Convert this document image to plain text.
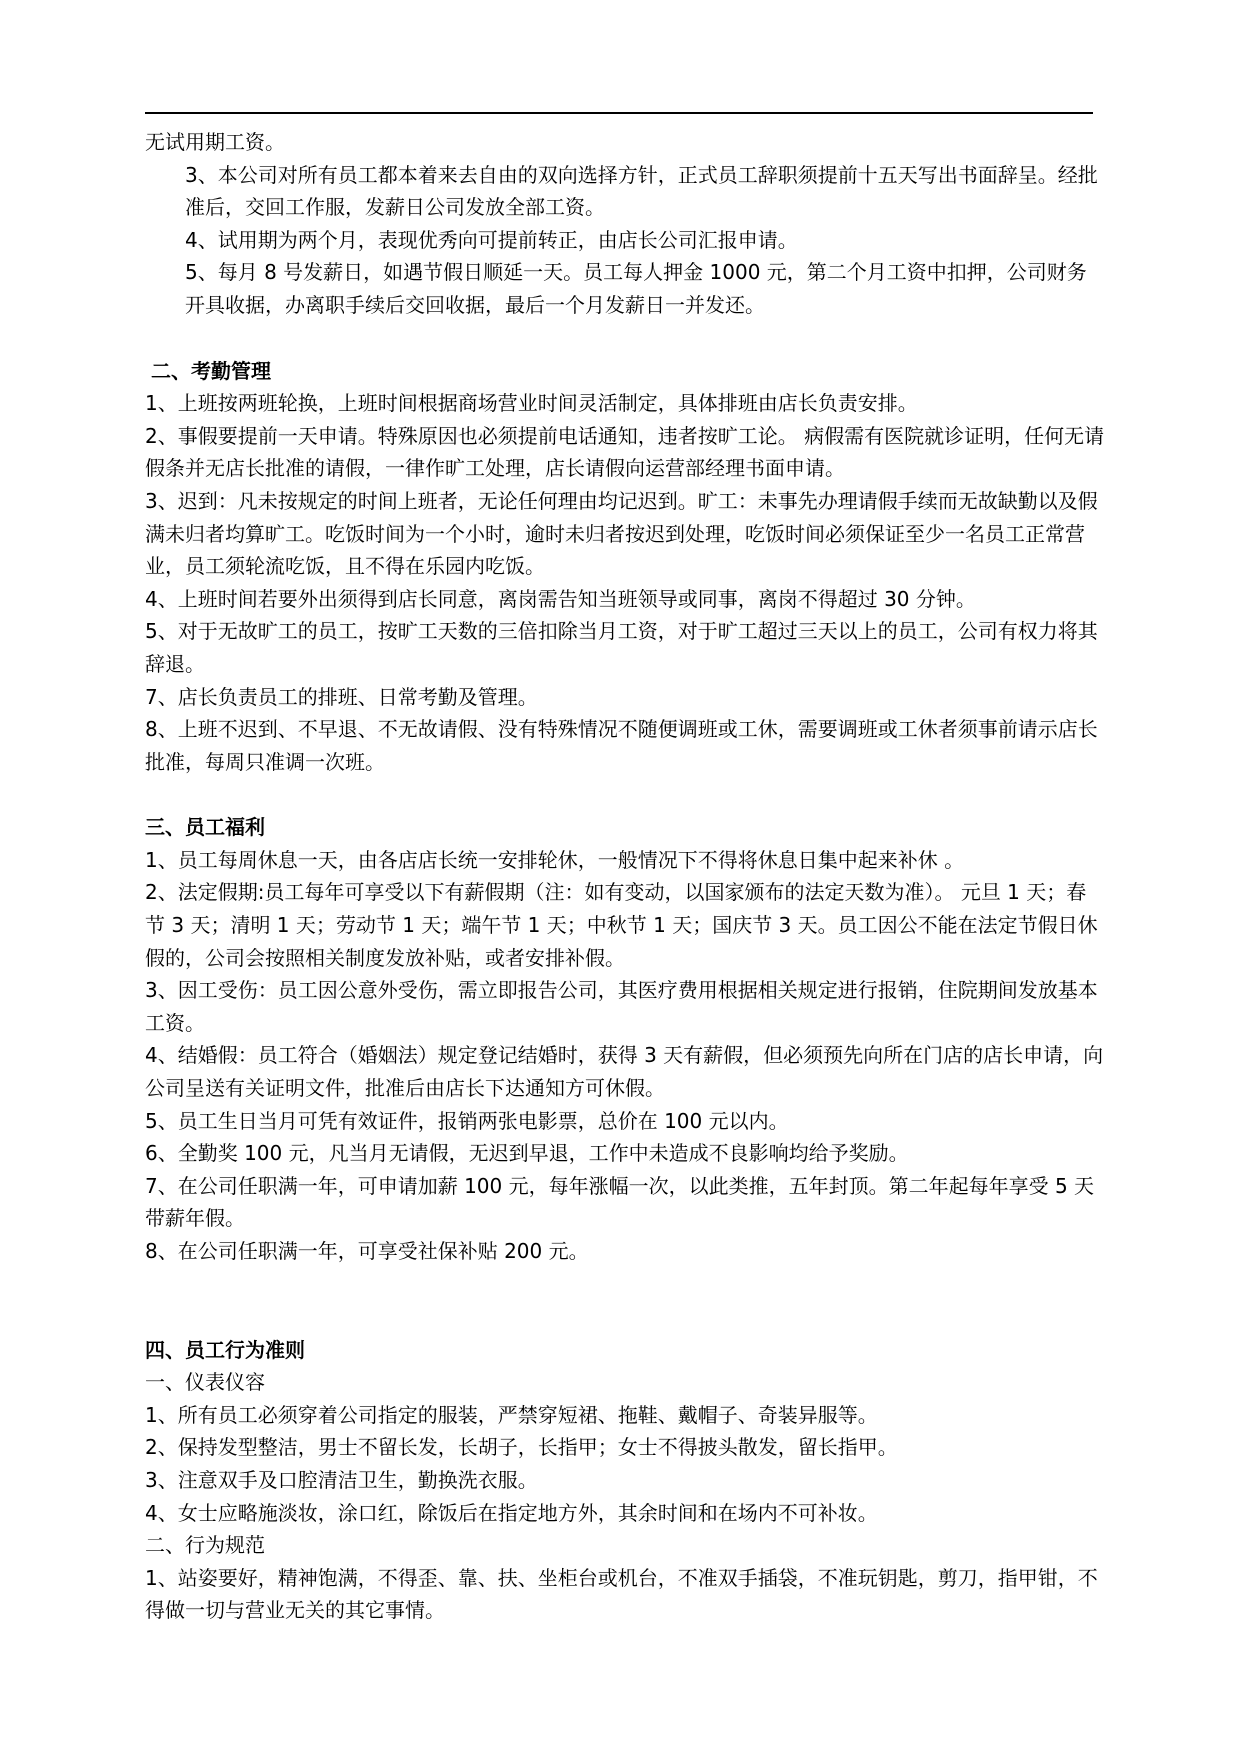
无试用期工资。

3、本公司对所有员工都本着来去自由的双向选择方针，正式员工辞职须提前十五天写出书面辞呈。经批准后，交回工作服，发薪日公司发放全部工资。

4、试用期为两个月，表现优秀向可提前转正，由店长公司汇报申请。

5、每月 8 号发薪日，如遇节假日顺延一天。员工每人押金 1000 元，第二个月工资中扣押，公司财务开具收据，办离职手续后交回收据，最后一个月发薪日一并发还。

二、考勤管理

1、上班按两班轮换，上班时间根据商场营业时间灵活制定，具体排班由店长负责安排。

2、事假要提前一天申请。特殊原因也必须提前电话通知，违者按旷工论。 病假需有医院就诊证明，任何无请假条并无店长批准的请假，一律作旷工处理，店长请假向运营部经理书面申请。

3、迟到：凡未按规定的时间上班者，无论任何理由均记迟到。旷工：未事先办理请假手续而无故缺勤以及假满未归者均算旷工。吃饭时间为一个小时，逾时未归者按迟到处理，吃饭时间必须保证至少一名员工正常营业，员工须轮流吃饭，且不得在乐园内吃饭。

4、上班时间若要外出须得到店长同意，离岗需告知当班领导或同事，离岗不得超过 30 分钟。

5、对于无故旷工的员工，按旷工天数的三倍扣除当月工资，对于旷工超过三天以上的员工，公司有权力将其辞退。

7、店长负责员工的排班、日常考勤及管理。

8、上班不迟到、不早退、不无故请假、没有特殊情况不随便调班或工休，需要调班或工休者须事前请示店长批准，每周只准调一次班。

三、员工福利

1、员工每周休息一天，由各店店长统一安排轮休，一般情况下不得将休息日集中起来补休 。

2、法定假期:员工每年可享受以下有薪假期（注：如有变动，以国家颁布的法定天数为准）。 元旦 1 天；春节 3 天；清明 1 天；劳动节 1 天；端午节 1 天；中秋节 1 天；国庆节 3 天。员工因公不能在法定节假日休假的，公司会按照相关制度发放补贴，或者安排补假。

3、因工受伤：员工因公意外受伤，需立即报告公司，其医疗费用根据相关规定进行报销，住院期间发放基本工资。

4、结婚假：员工符合（婚姻法）规定登记结婚时，获得 3 天有薪假，但必须预先向所在门店的店长申请，向公司呈送有关证明文件，批准后由店长下达通知方可休假。

5、员工生日当月可凭有效证件，报销两张电影票，总价在 100 元以内。

6、全勤奖 100 元，凡当月无请假，无迟到早退，工作中未造成不良影响均给予奖励。

7、在公司任职满一年，可申请加薪 100 元，每年涨幅一次，以此类推，五年封顶。第二年起每年享受 5 天带薪年假。

8、在公司任职满一年，可享受社保补贴 200 元。

四、员工行为准则

一、仪表仪容

1、所有员工必须穿着公司指定的服装，严禁穿短裙、拖鞋、戴帽子、奇装异服等。

2、保持发型整洁，男士不留长发，长胡子，长指甲；女士不得披头散发，留长指甲。

3、注意双手及口腔清洁卫生，勤换洗衣服。

4、女士应略施淡妆，涂口红，除饭后在指定地方外，其余时间和在场内不可补妆。

二、行为规范

1、站姿要好，精神饱满，不得歪、靠、扶、坐柜台或机台，不准双手插袋，不准玩钥匙，剪刀，指甲钳，不得做一切与营业无关的其它事情。
